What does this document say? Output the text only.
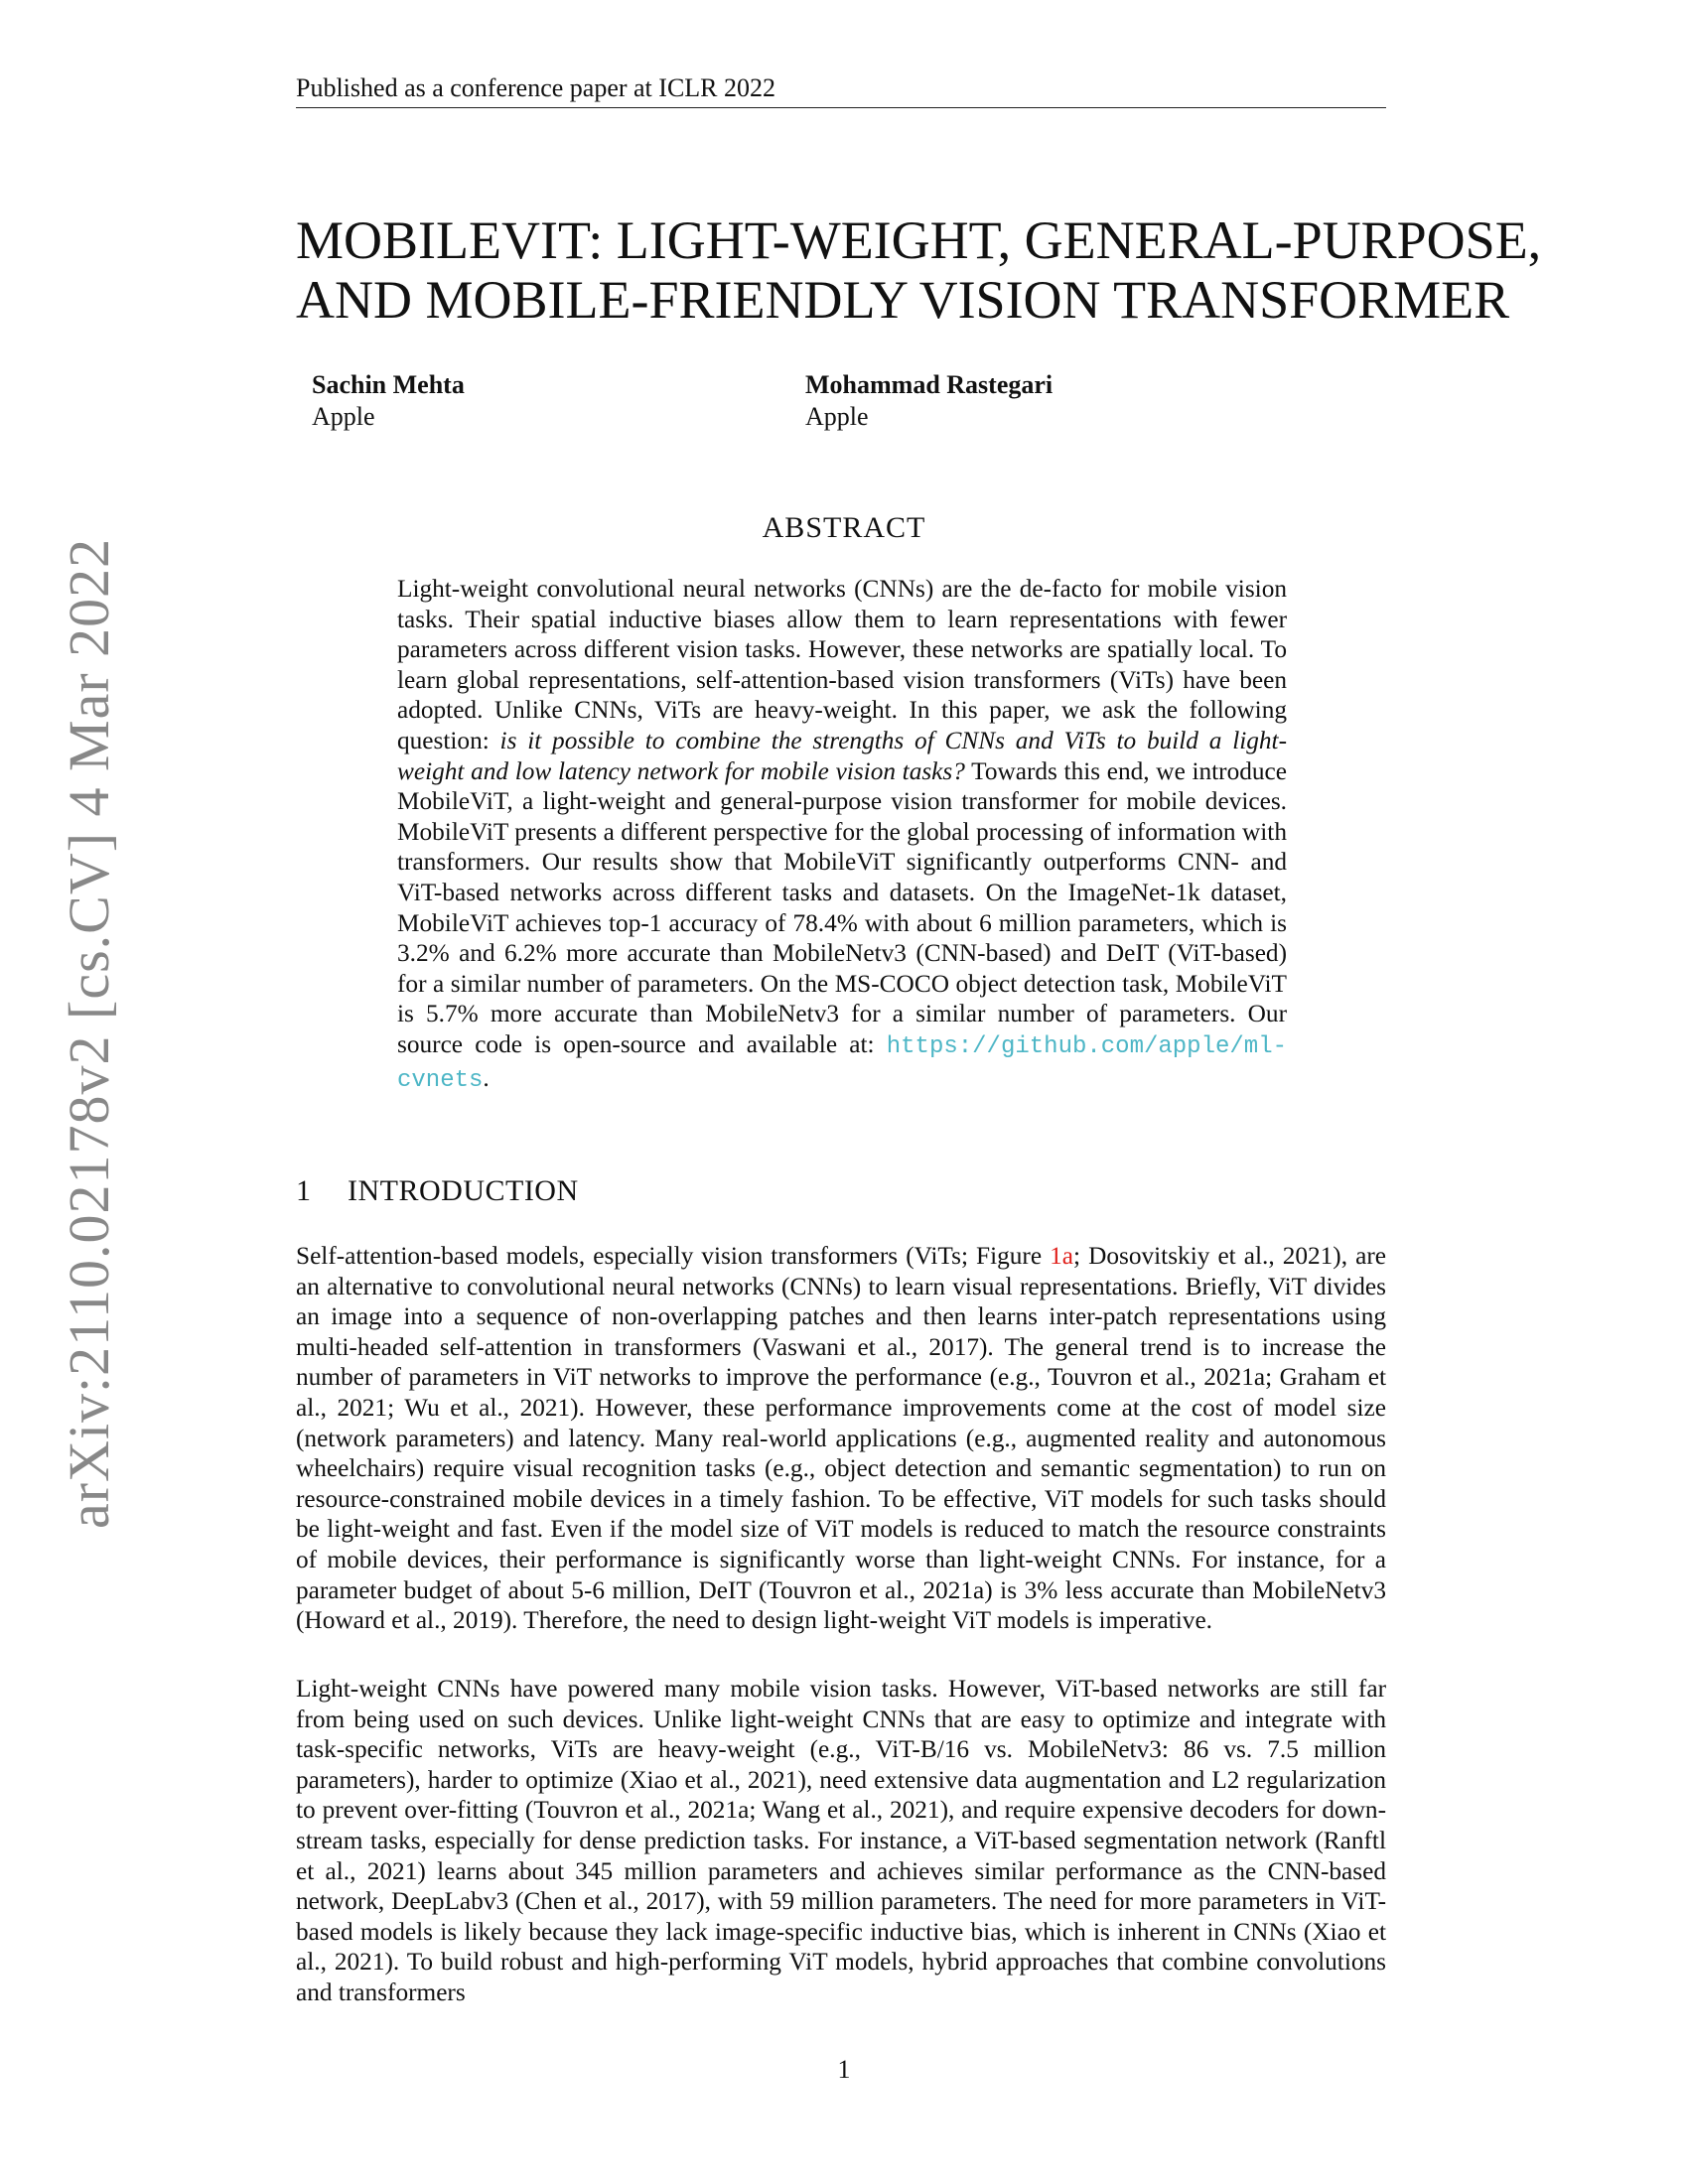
Published as a conference paper at ICLR 2022
arXiv:2110.02178v2 [cs.CV] 4 Mar 2022
MOBILEVIT: LIGHT-WEIGHT, GENERAL-PURPOSE,
AND MOBILE-FRIENDLY VISION TRANSFORMER
Sachin Mehta
Apple
Mohammad Rastegari
Apple
ABSTRACT
Light-weight convolutional neural networks (CNNs) are the de-facto for mobile vision tasks. Their spatial inductive biases allow them to learn representations with fewer parameters across different vision tasks. However, these networks are spatially local. To learn global representations, self-attention-based vision transformers (ViTs) have been adopted. Unlike CNNs, ViTs are heavy-weight. In this paper, we ask the following question: is it possible to combine the strengths of CNNs and ViTs to build a light-weight and low latency network for mobile vision tasks? Towards this end, we introduce MobileViT, a light-weight and general-purpose vision transformer for mobile devices. MobileViT presents a different perspective for the global processing of information with transformers. Our results show that MobileViT significantly outperforms CNN- and ViT-based networks across different tasks and datasets. On the ImageNet-1k dataset, MobileViT achieves top-1 accuracy of 78.4% with about 6 million parameters, which is 3.2% and 6.2% more accurate than MobileNetv3 (CNN-based) and DeIT (ViT-based) for a similar number of parameters. On the MS-COCO object detection task, MobileViT is 5.7% more accurate than MobileNetv3 for a similar number of parameters. Our source code is open-source and available at: https://github.com/apple/ml-cvnets.
1 INTRODUCTION
Self-attention-based models, especially vision transformers (ViTs; Figure 1a; Dosovitskiy et al., 2021), are an alternative to convolutional neural networks (CNNs) to learn visual representations. Briefly, ViT divides an image into a sequence of non-overlapping patches and then learns inter-patch representations using multi-headed self-attention in transformers (Vaswani et al., 2017). The general trend is to increase the number of parameters in ViT networks to improve the performance (e.g., Touvron et al., 2021a; Graham et al., 2021; Wu et al., 2021). However, these performance improvements come at the cost of model size (network parameters) and latency. Many real-world applications (e.g., augmented reality and autonomous wheelchairs) require visual recognition tasks (e.g., object detection and semantic segmentation) to run on resource-constrained mobile devices in a timely fashion. To be effective, ViT models for such tasks should be light-weight and fast. Even if the model size of ViT models is reduced to match the resource constraints of mobile devices, their performance is significantly worse than light-weight CNNs. For instance, for a parameter budget of about 5-6 million, DeIT (Touvron et al., 2021a) is 3% less accurate than MobileNetv3 (Howard et al., 2019). Therefore, the need to design light-weight ViT models is imperative.
Light-weight CNNs have powered many mobile vision tasks. However, ViT-based networks are still far from being used on such devices. Unlike light-weight CNNs that are easy to optimize and integrate with task-specific networks, ViTs are heavy-weight (e.g., ViT-B/16 vs. MobileNetv3: 86 vs. 7.5 million parameters), harder to optimize (Xiao et al., 2021), need extensive data augmentation and L2 regularization to prevent over-fitting (Touvron et al., 2021a; Wang et al., 2021), and require expensive decoders for down-stream tasks, especially for dense prediction tasks. For instance, a ViT-based segmentation network (Ranftl et al., 2021) learns about 345 million parameters and achieves similar performance as the CNN-based network, DeepLabv3 (Chen et al., 2017), with 59 million parameters. The need for more parameters in ViT-based models is likely because they lack image-specific inductive bias, which is inherent in CNNs (Xiao et al., 2021). To build robust and high-performing ViT models, hybrid approaches that combine convolutions and transformers
1
